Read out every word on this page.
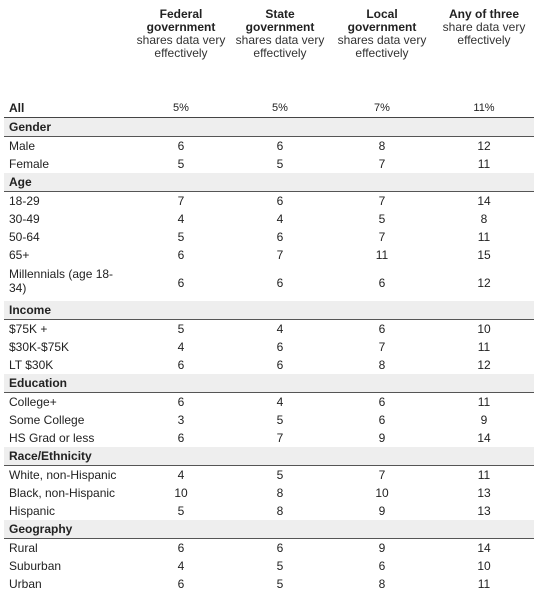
	Federal government
shares data very effectively	State government
shares data very effectively	Local government
shares data very effectively	Any of three
share data very effectively

All	5%	5%	7%	11%
Gender				
Male	6	6	8	12
Female	5	5	7	11
Age				
18-29	7	6	7	14
30-49	4	4	5	8
50-64	5	6	7	11
65+	6	7	11	15
Millennials (age 18-34)	6	6	6	12
Income				
$75K +	5	4	6	10
$30K-$75K	4	6	7	11
LT $30K	6	6	8	12
Education				
College+	6	4	6	11
Some College	3	5	6	9
HS Grad or less	6	7	9	14
Race/Ethnicity				
White, non-Hispanic	4	5	7	11
Black, non-Hispanic	10	8	10	13
Hispanic	5	8	9	13
Geography				
Rural	6	6	9	14
Suburban	4	5	6	10
Urban	6	5	8	11
